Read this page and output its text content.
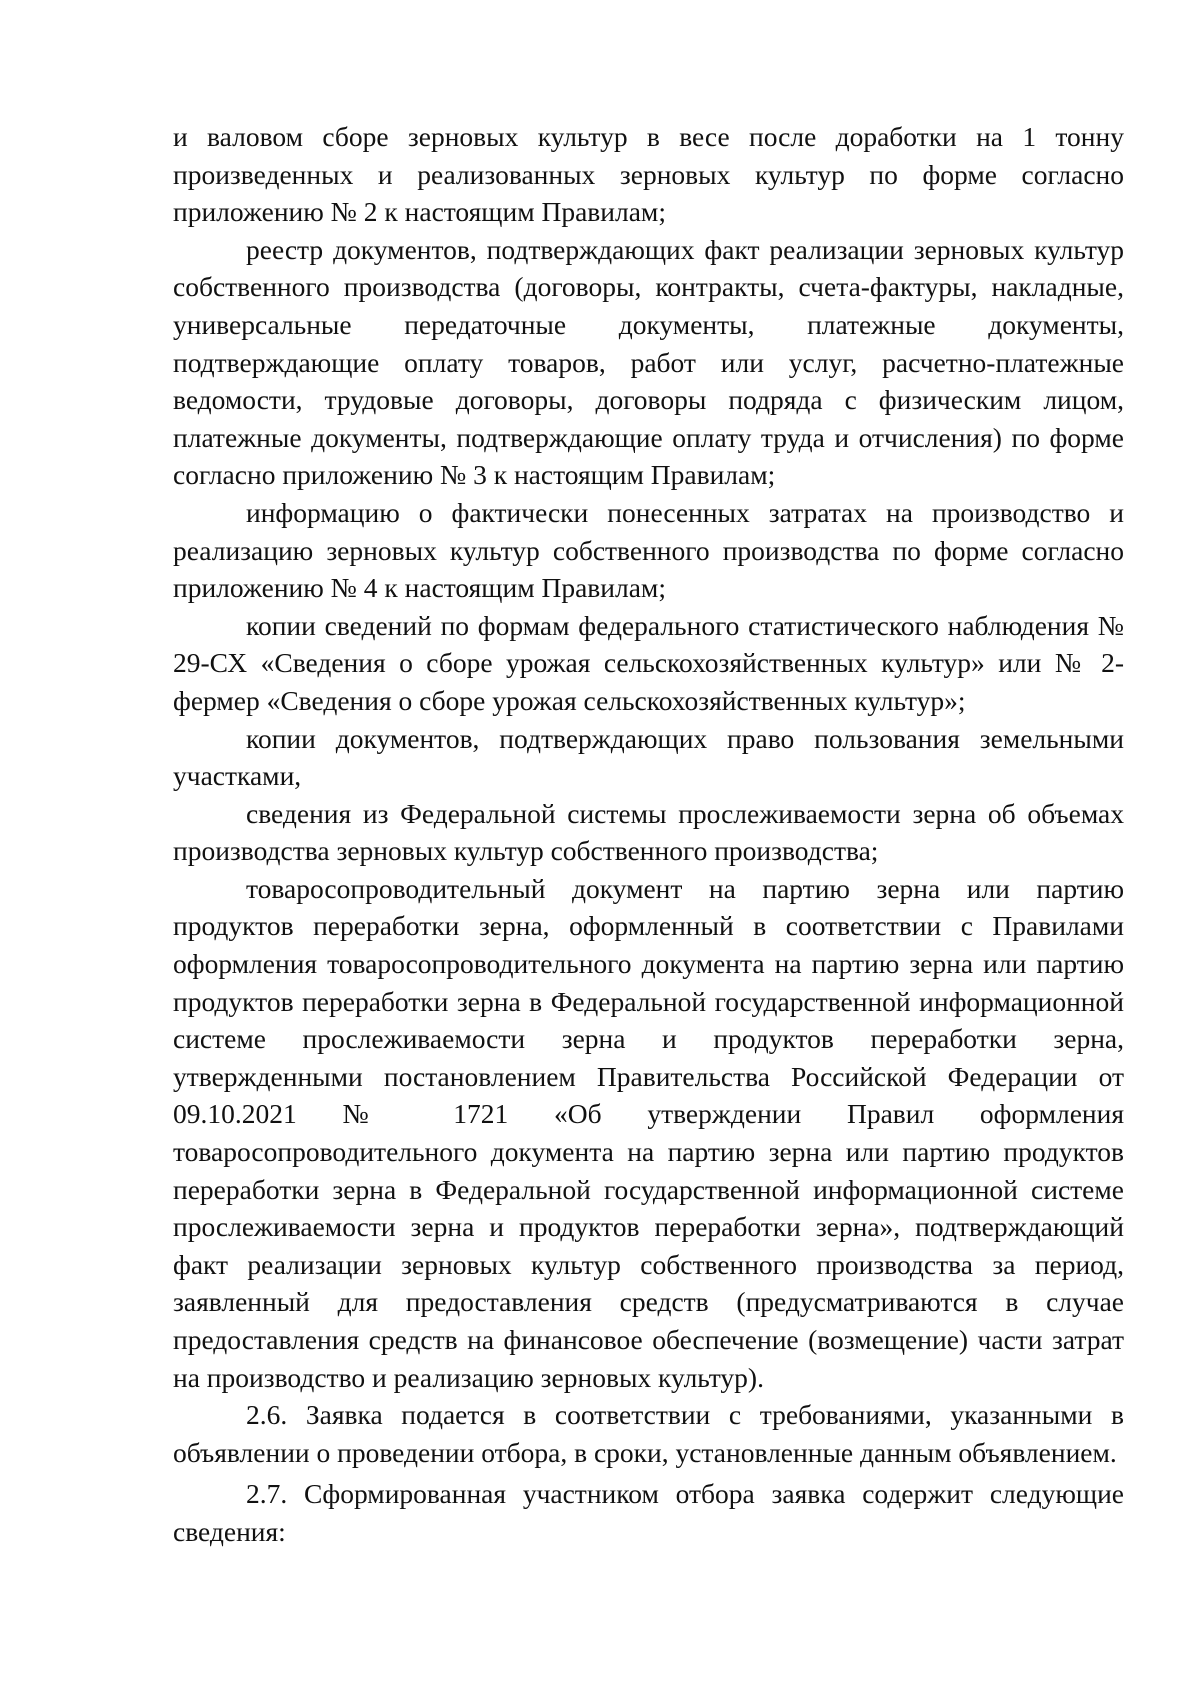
и валовом сборе зерновых культур в весе после доработки на 1 тонну произведенных и реализованных зерновых культур по форме согласно приложению № 2 к настоящим Правилам;

реестр документов, подтверждающих факт реализации зерновых культур собственного производства (договоры, контракты, счета-фактуры, накладные, универсальные передаточные документы, платежные документы, подтверждающие оплату товаров, работ или услуг, расчетно-платежные ведомости, трудовые договоры, договоры подряда с физическим лицом, платежные документы, подтверждающие оплату труда и отчисления) по форме согласно приложению № 3 к настоящим Правилам;

информацию о фактически понесенных затратах на производство и реализацию зерновых культур собственного производства по форме согласно приложению № 4 к настоящим Правилам;

копии сведений по формам федерального статистического наблюдения № 29-СХ «Сведения о сборе урожая сельскохозяйственных культур» или № 2-фермер «Сведения о сборе урожая сельскохозяйственных культур»;

копии документов, подтверждающих право пользования земельными участками,

сведения из Федеральной системы прослеживаемости зерна об объемах производства зерновых культур собственного производства;

товаросопроводительный документ на партию зерна или партию продуктов переработки зерна, оформленный в соответствии с Правилами оформления товаросопроводительного документа на партию зерна или партию продуктов переработки зерна в Федеральной государственной информационной системе прослеживаемости зерна и продуктов переработки зерна, утвержденными постановлением Правительства Российской Федерации от 09.10.2021 № 1721 «Об утверждении Правил оформления товаросопроводительного документа на партию зерна или партию продуктов переработки зерна в Федеральной государственной информационной системе прослеживаемости зерна и продуктов переработки зерна», подтверждающий факт реализации зерновых культур собственного производства за период, заявленный для предоставления средств (предусматриваются в случае предоставления средств на финансовое обеспечение (возмещение) части затрат на производство и реализацию зерновых культур).

2.6. Заявка подается в соответствии с требованиями, указанными в объявлении о проведении отбора, в сроки, установленные данным объявлением.

2.7. Сформированная участником отбора заявка содержит следующие сведения:
